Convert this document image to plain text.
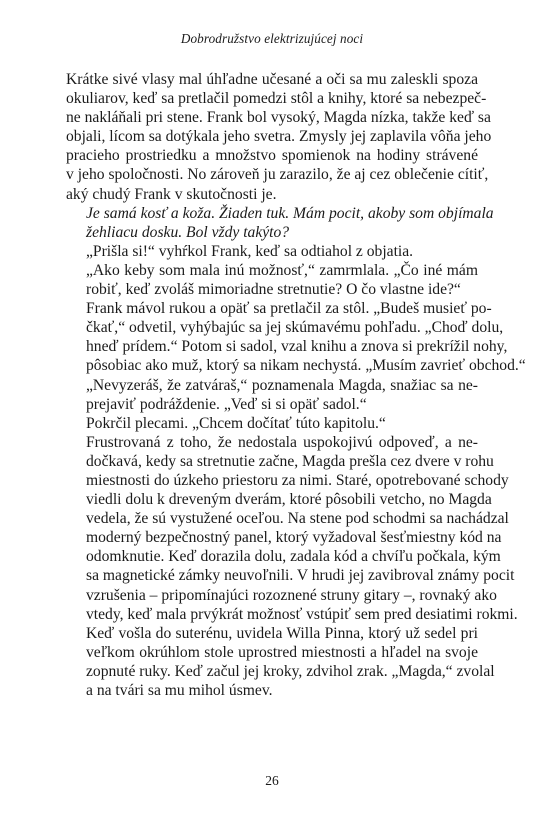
Dobrodružstvo elektrizujúcej noci

Krátke sivé vlasy mal úhľadne učesané a oči sa mu zaleskli spoza
okuliarov, keď sa pretlačil pomedzi stôl a knihy, ktoré sa nebezpeč-
ne nakláňali pri stene. Frank bol vysoký, Magda nízka, takže keď sa
objali, lícom sa dotýkala jeho svetra. Zmysly jej zaplavila vôňa jeho
pracieho prostriedku a množstvo spomienok na hodiny strávené
v jeho spoločnosti. No zároveň ju zarazilo, že aj cez oblečenie cítiť,
aký chudý Frank v skutočnosti je.

Je samá kosť a koža. Žiaden tuk. Mám pocit, akoby som objímala
žehliacu dosku. Bol vždy takýto?

„Prišla si!“ vyhŕkol Frank, keď sa odtiahol z objatia.

„Ako keby som mala inú možnosť,“ zamrmlala. „Čo iné mám
robiť, keď zvoláš mimoriadne stretnutie? O čo vlastne ide?“

Frank mávol rukou a opäť sa pretlačil za stôl. „Budeš musieť po-
čkať,“ odvetil, vyhýbajúc sa jej skúmavému pohľadu. „Choď dolu,
hneď prídem.“ Potom si sadol, vzal knihu a znova si prekrížil nohy,
pôsobiac ako muž, ktorý sa nikam nechystá. „Musím zavrieť obchod.“

„Nevyzeráš, že zatváraš,“ poznamenala Magda, snažiac sa ne-
prejaviť podráždenie. „Veď si si opäť sadol.“

Pokrčil plecami. „Chcem dočítať túto kapitolu.“

Frustrovaná z toho, že nedostala uspokojivú odpoveď, a ne-
dočkavá, kedy sa stretnutie začne, Magda prešla cez dvere v rohu
miestnosti do úzkeho priestoru za nimi. Staré, opotrebované schody
viedli dolu k dreveným dverám, ktoré pôsobili vetcho, no Magda
vedela, že sú vystužené oceľou. Na stene pod schodmi sa nachádzal
moderný bezpečnostný panel, ktorý vyžadoval šesťmiestny kód na
odomknutie. Keď dorazila dolu, zadala kód a chvíľu počkala, kým
sa magnetické zámky neuvoľnili. V hrudi jej zavibroval známy pocit
vzrušenia – pripomínajúci rozoznené struny gitary –, rovnaký ako
vtedy, keď mala prvýkrát možnosť vstúpiť sem pred desiatimi rokmi.

Keď vošla do suterénu, uvidela Willa Pinna, ktorý už sedel pri
veľkom okrúhlom stole uprostred miestnosti a hľadel na svoje
zopnuté ruky. Keď začul jej kroky, zdvihol zrak. „Magda,“ zvolal
a na tvári sa mu mihol úsmev.

26
